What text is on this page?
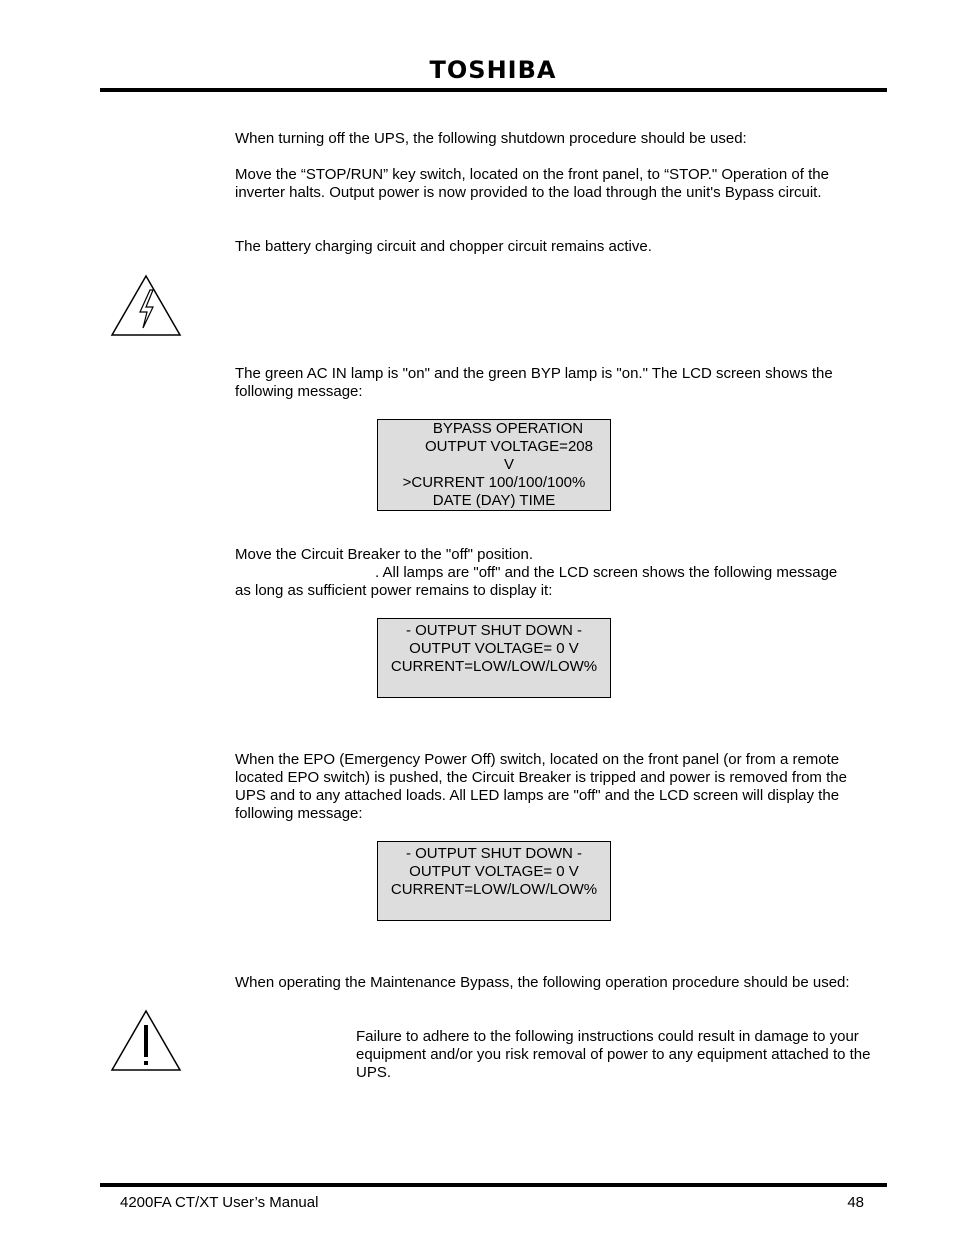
TOSHIBA
When turning off the UPS, the following shutdown procedure should be used:
Move the “STOP/RUN” key switch, located on the front panel, to “STOP." Operation of the inverter halts. Output power is now provided to the load through the unit's Bypass circuit.
The battery charging circuit and chopper circuit remains active.
The green AC IN lamp is "on" and the green BYP lamp is "on." The LCD screen shows the following message:
BYPASS OPERATION
OUTPUT VOLTAGE=208
V
>CURRENT 100/100/100%
DATE (DAY) TIME
Move the Circuit Breaker to the "off" position.
. All lamps are "off" and the LCD screen shows the following message
as long as sufficient power remains to display it:
- OUTPUT SHUT DOWN -
OUTPUT VOLTAGE= 0 V
CURRENT=LOW/LOW/LOW%
When the EPO (Emergency Power Off) switch, located on the front panel (or from a remote located EPO switch) is pushed, the Circuit Breaker is tripped and power is removed from the UPS and to any attached loads. All LED lamps are "off" and the LCD screen will display the following message:
- OUTPUT SHUT DOWN -
OUTPUT VOLTAGE= 0 V
CURRENT=LOW/LOW/LOW%
When operating the Maintenance Bypass, the following operation procedure should be used:
Failure to adhere to the following instructions could result in damage to your equipment and/or you risk removal of power to any equipment attached to the UPS.
4200FA CT/XT User’s Manual	48
